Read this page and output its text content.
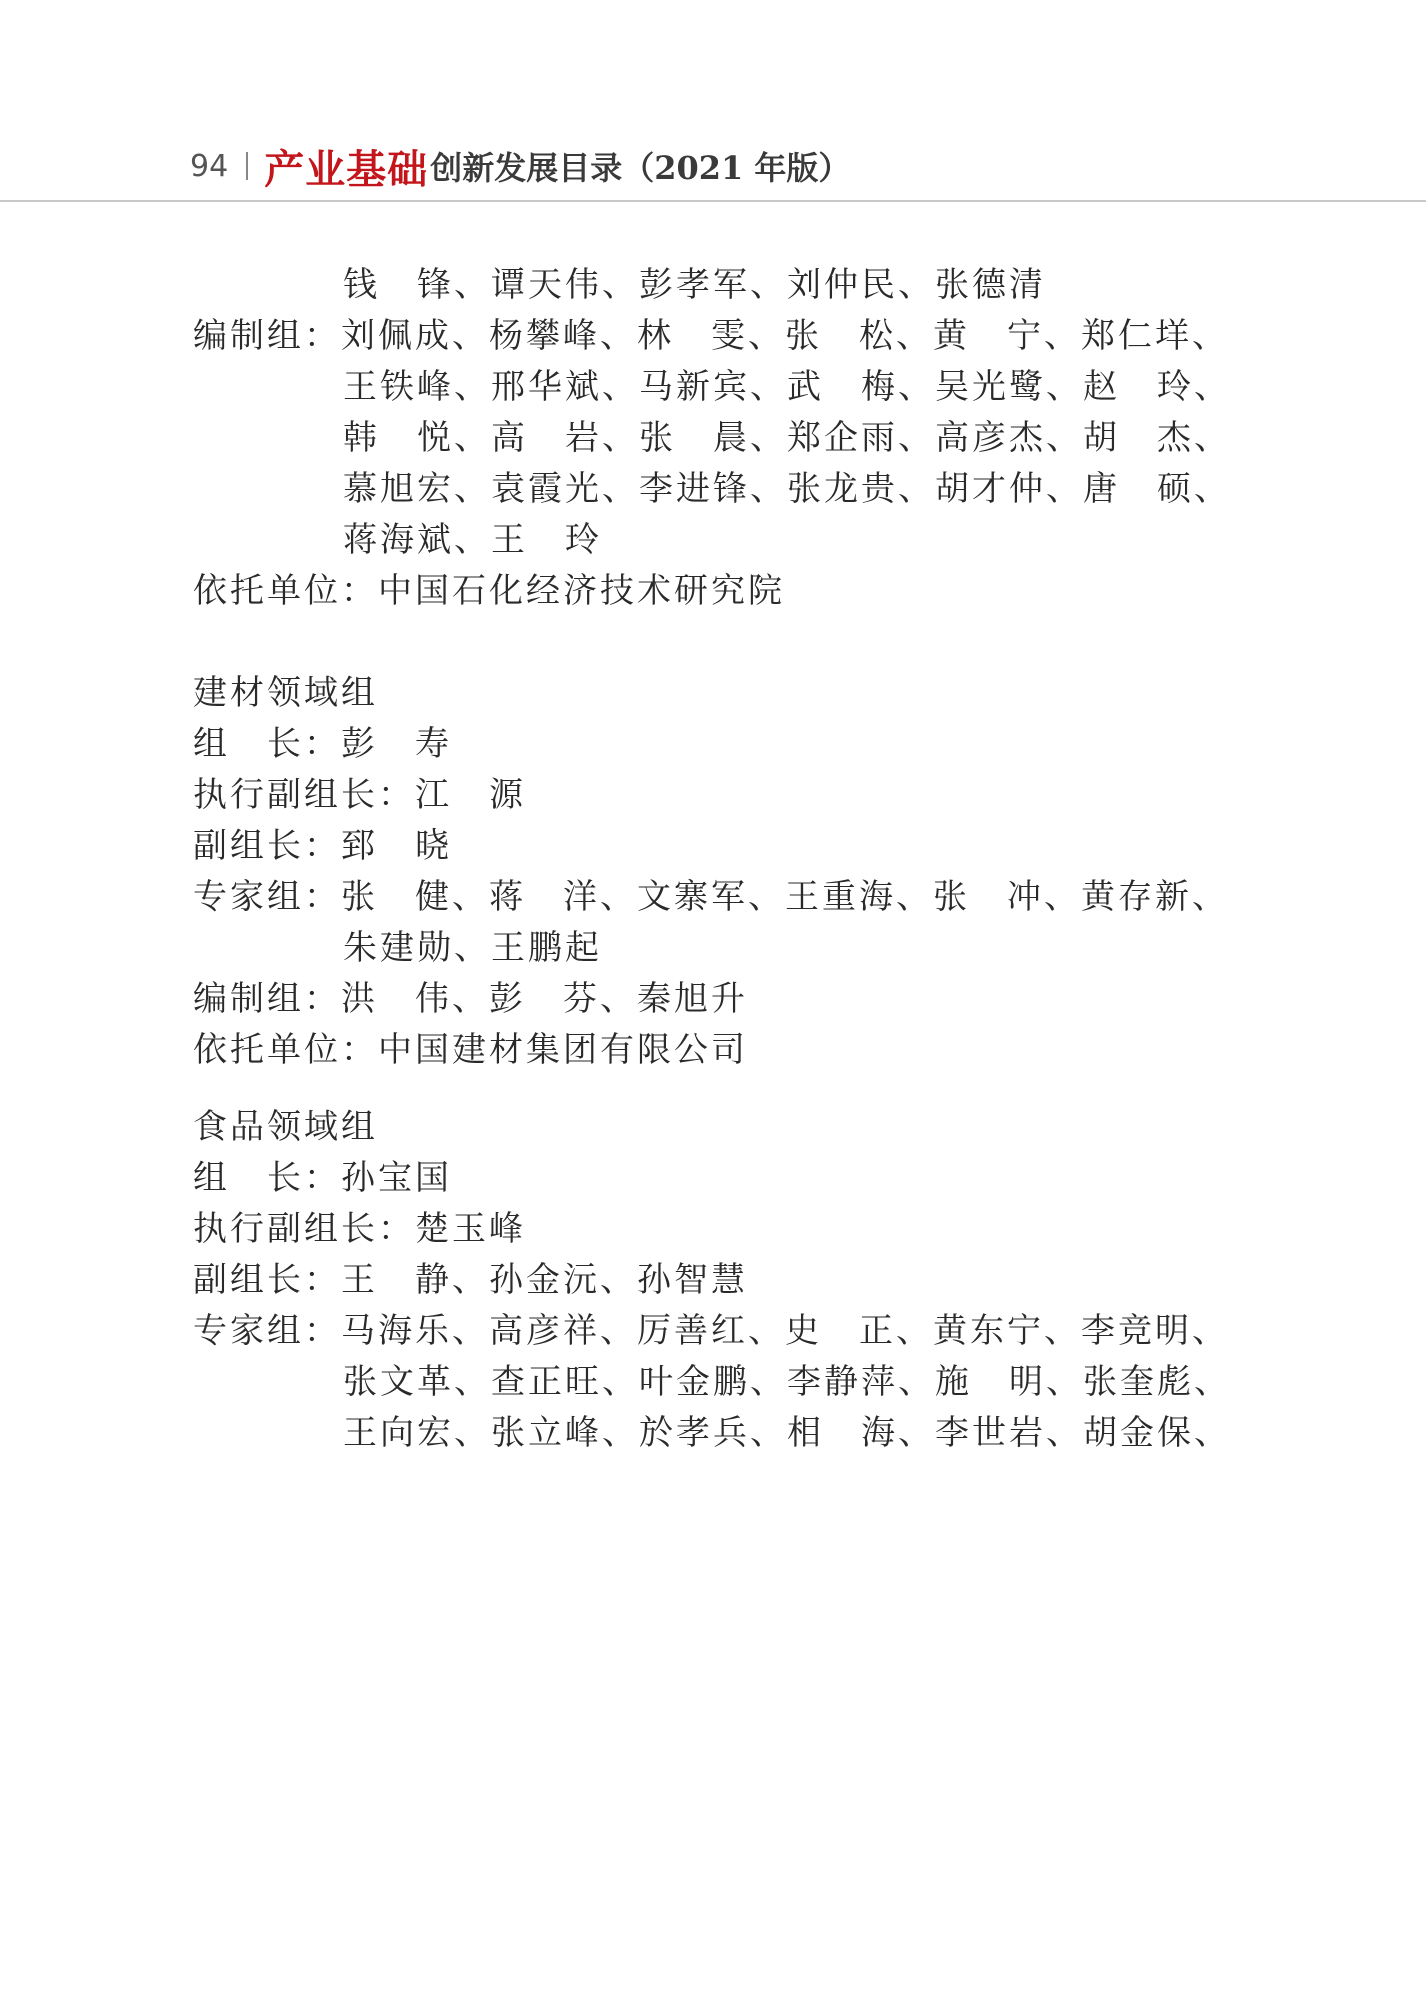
94 产业基础 创新发展目录（2021 年版）
钱　锋、谭天伟、彭孝军、刘仲民、张德清
编制组：刘佩成、杨攀峰、林　雯、张　松、黄　宁、郑仁垟、
王铁峰、邢华斌、马新宾、武　梅、吴光鹭、赵　玲、
韩　悦、高　岩、张　晨、郑企雨、高彦杰、胡　杰、
慕旭宏、袁霞光、李进锋、张龙贵、胡才仲、唐　硕、
蒋海斌、王　玲
依托单位：中国石化经济技术研究院
建材领域组
组　长：彭　寿
执行副组长：江　源
副组长：郅　晓
专家组：张　健、蒋　洋、文寨军、王重海、张　冲、黄存新、
朱建勋、王鹏起
编制组：洪　伟、彭　芬、秦旭升
依托单位：中国建材集团有限公司
食品领域组
组　长：孙宝国
执行副组长：楚玉峰
副组长：王　静、孙金沅、孙智慧
专家组：马海乐、高彦祥、厉善红、史　正、黄东宁、李竞明、
张文革、查正旺、叶金鹏、李静萍、施　明、张奎彪、
王向宏、张立峰、於孝兵、相　海、李世岩、胡金保、
